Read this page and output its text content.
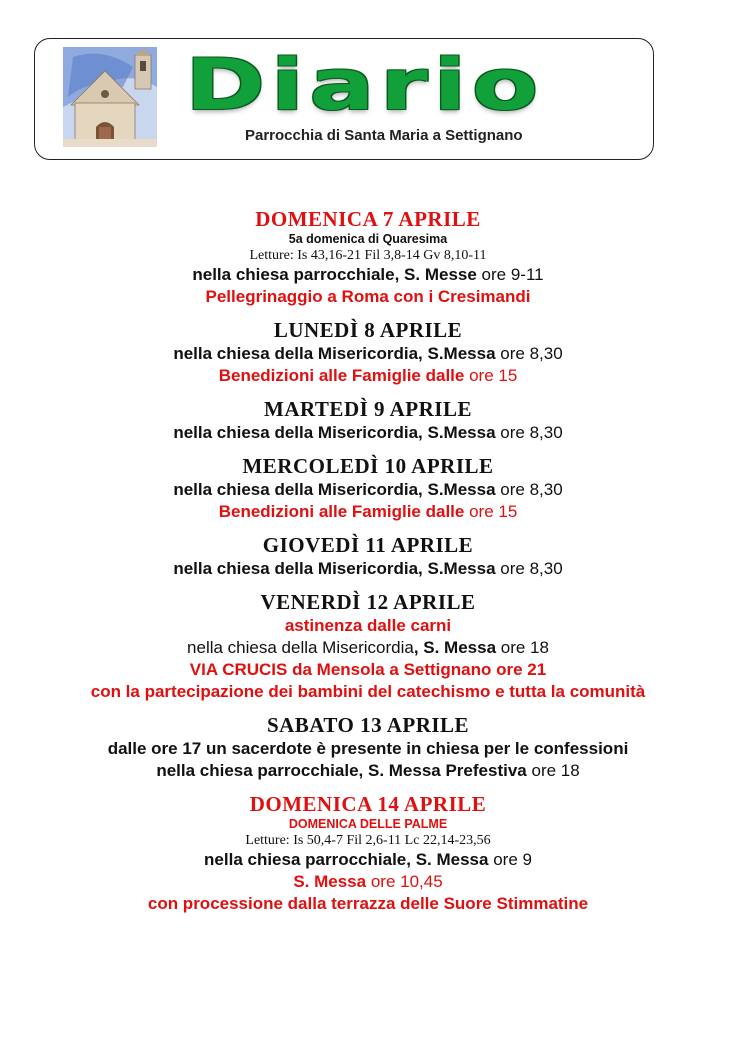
Diario
Parrocchia di Santa Maria a Settignano
DOMENICA 7 APRILE
5a domenica di Quaresima
Letture: Is 43,16-21 Fil 3,8-14 Gv 8,10-11
nella chiesa parrocchiale, S. Messe ore 9-11
Pellegrinaggio a Roma con i Cresimandi
LUNEDÌ 8 APRILE
nella chiesa della Misericordia, S.Messa ore 8,30
Benedizioni alle Famiglie dalle ore 15
MARTEDÌ 9 APRILE
nella chiesa della Misericordia, S.Messa ore 8,30
MERCOLEDÌ 10 APRILE
nella chiesa della Misericordia, S.Messa ore 8,30
Benedizioni alle Famiglie dalle ore 15
GIOVEDÌ 11 APRILE
nella chiesa della Misericordia, S.Messa ore 8,30
VENERDÌ 12 APRILE
astinenza dalle carni
nella chiesa della Misericordia, S. Messa ore 18
VIA CRUCIS da Mensola a Settignano ore 21
con la partecipazione dei bambini del catechismo e tutta la comunità
SABATO 13 APRILE
dalle ore 17 un sacerdote è presente in chiesa per le confessioni
nella chiesa parrocchiale, S. Messa Prefestiva ore 18
DOMENICA 14 APRILE
DOMENICA DELLE PALME
Letture: Is 50,4-7 Fil 2,6-11 Lc 22,14-23,56
nella chiesa parrocchiale, S. Messa ore 9
S. Messa ore 10,45
con processione dalla terrazza delle Suore Stimmatine
